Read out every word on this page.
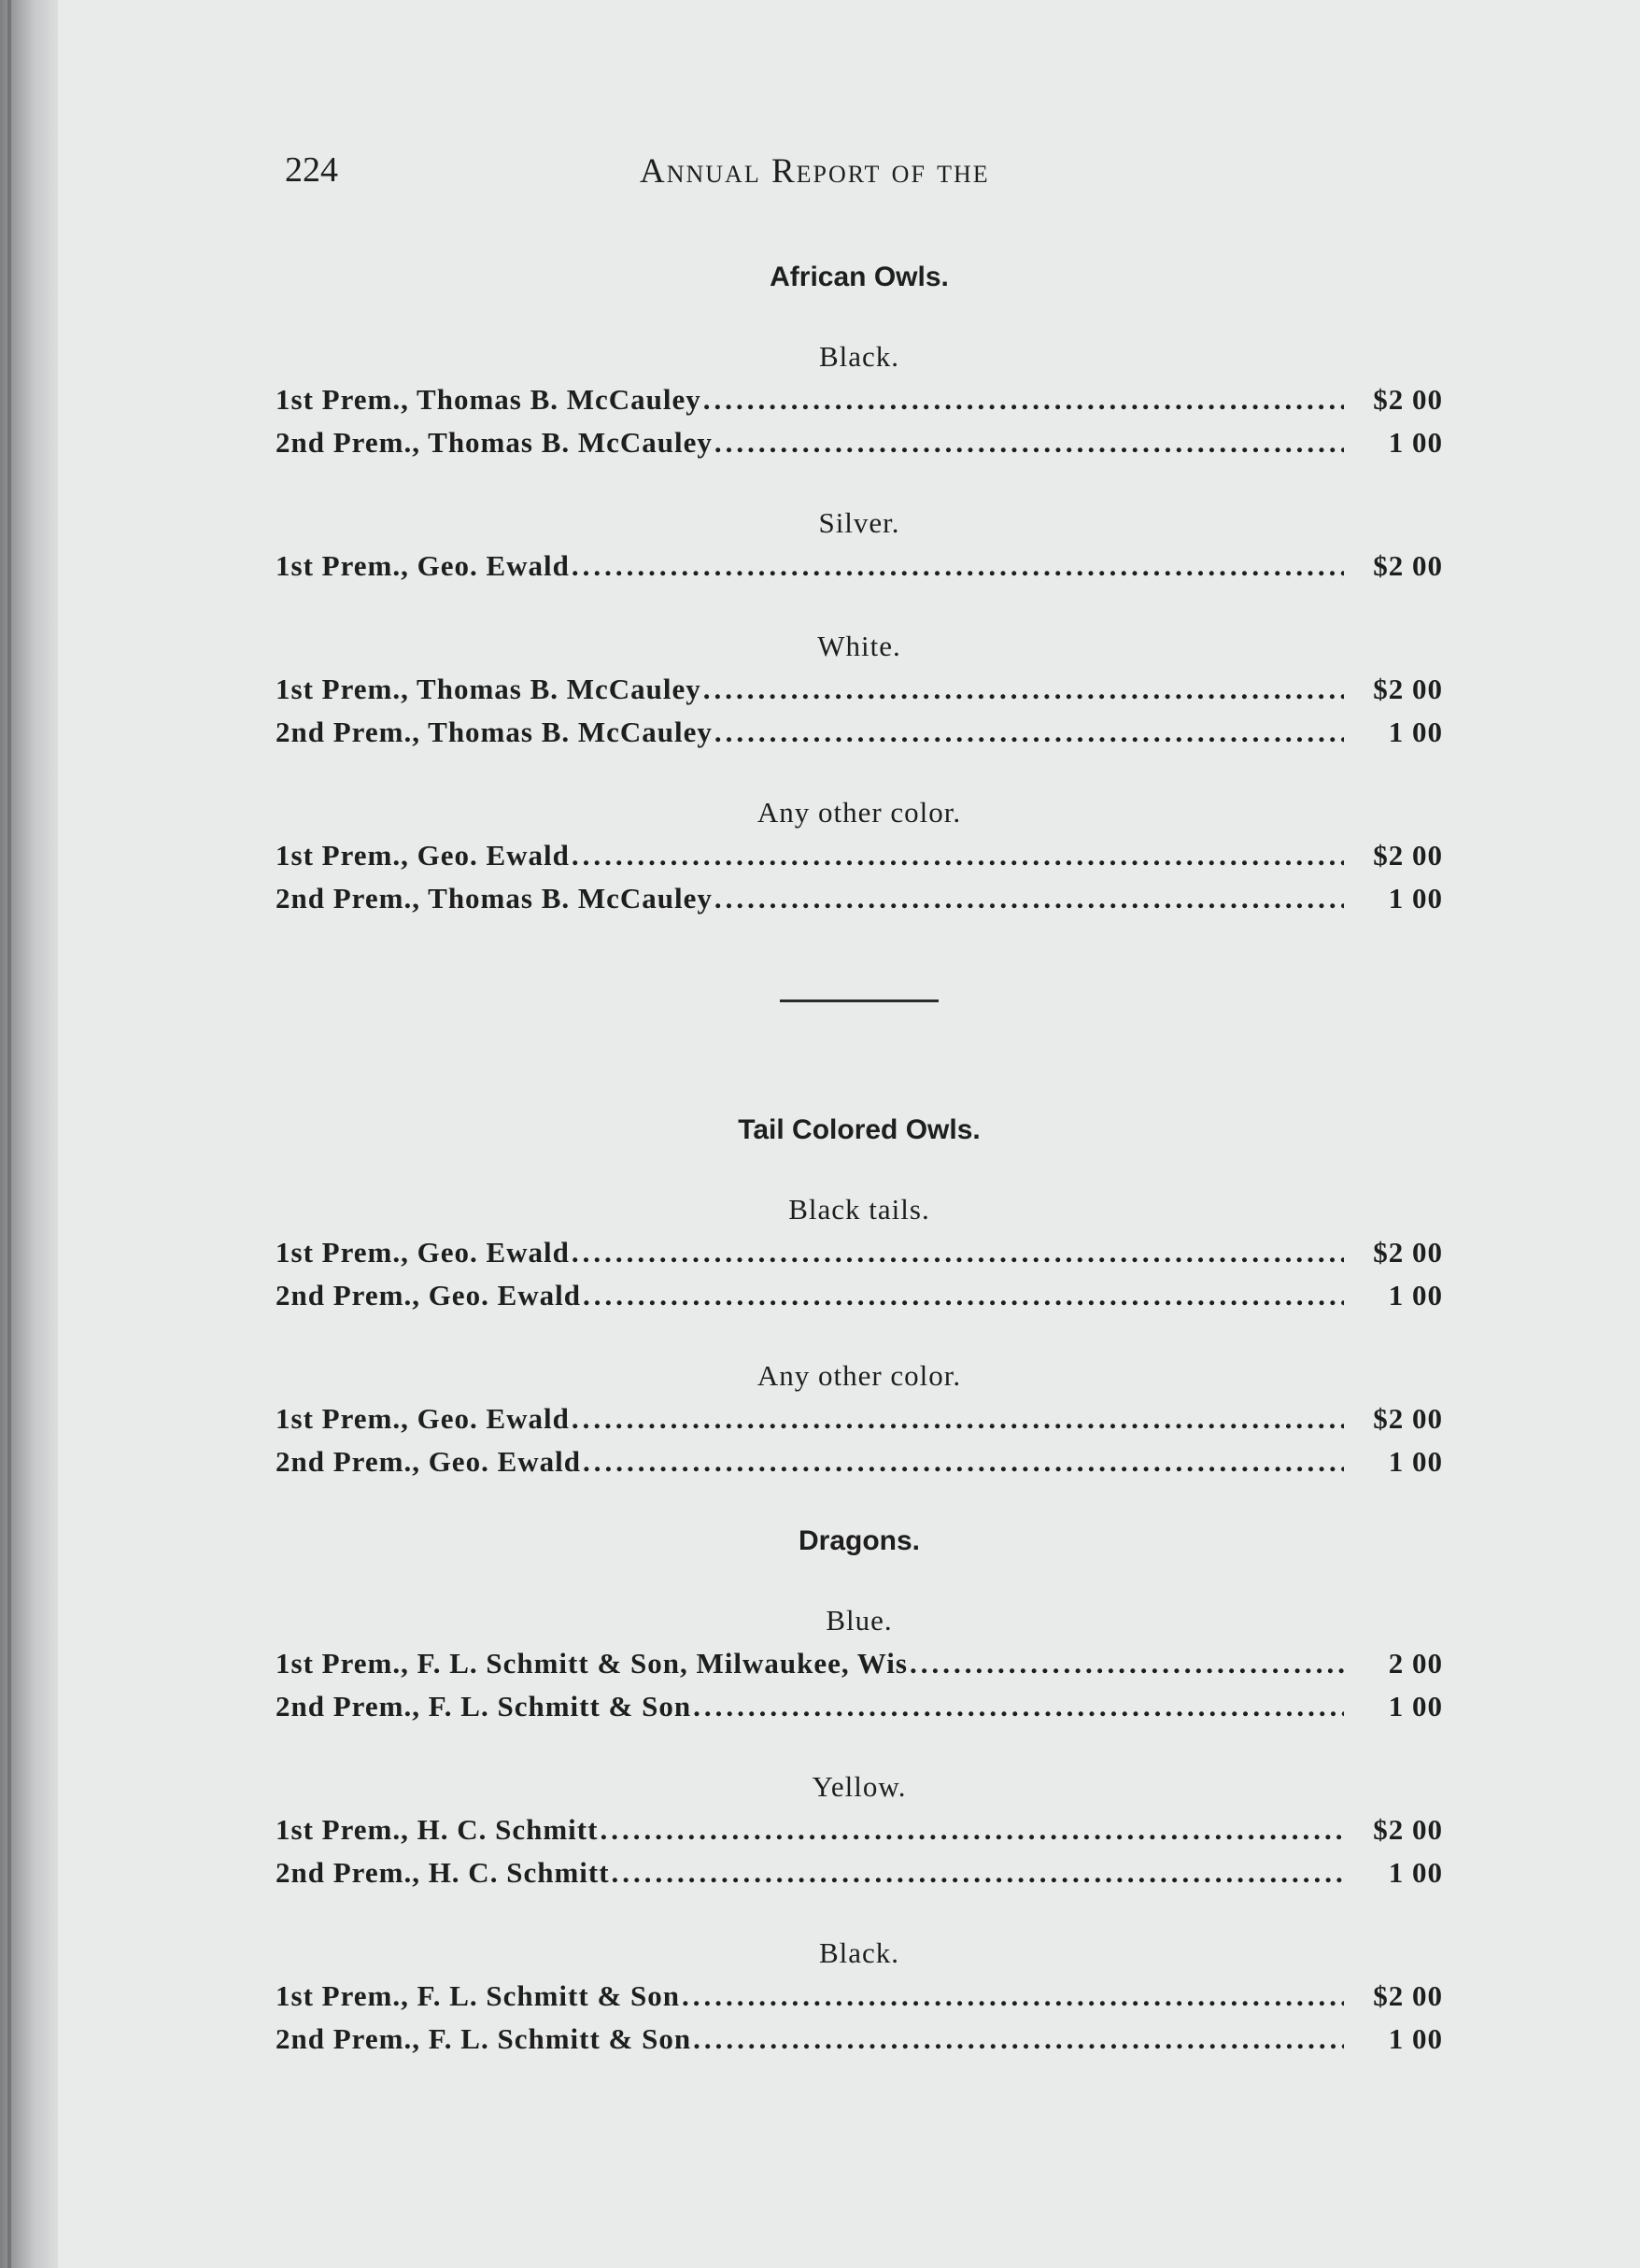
224	Annual Report of the
African Owls.
Black.
1st Prem., Thomas B. McCauley .....	$2 00
2nd Prem., Thomas B. McCauley .....	1 00
Silver.
1st Prem., Geo. Ewald .....	$2 00
White.
1st Prem., Thomas B. McCauley .....	$2 00
2nd Prem., Thomas B. McCauley .....	1 00
Any other color.
1st Prem., Geo. Ewald .....	$2 00
2nd Prem., Thomas B. McCauley .....	1 00
Tail Colored Owls.
Black tails.
1st Prem., Geo. Ewald .....	$2 00
2nd Prem., Geo. Ewald .....	1 00
Any other color.
1st Prem., Geo. Ewald .....	$2 00
2nd Prem., Geo. Ewald .....	1 00
Dragons.
Blue.
1st Prem., F. L. Schmitt & Son, Milwaukee, Wis .....	2 00
2nd Prem., F. L. Schmitt & Son .....	1 00
Yellow.
1st Prem., H. C. Schmitt .....	$2 00
2nd Prem., H. C. Schmitt .....	1 00
Black.
1st Prem., F. L. Schmitt & Son .....	$2 00
2nd Prem., F. L. Schmitt & Son .....	1 00
